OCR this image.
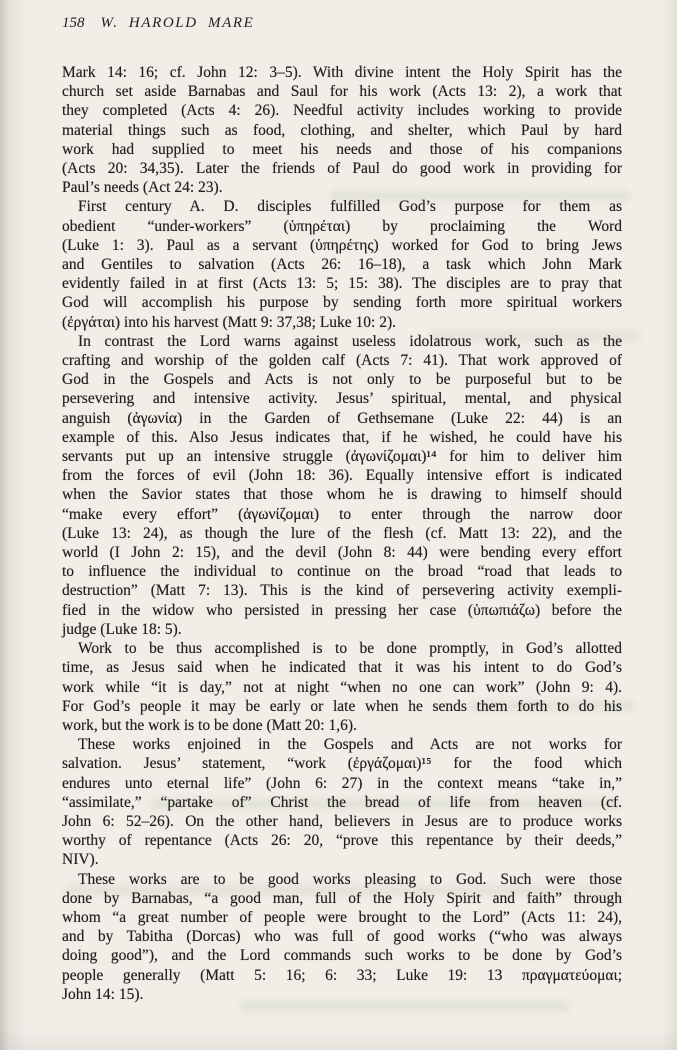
158 W. HAROLD MARE
Mark 14: 16; cf. John 12: 3–5). With divine intent the Holy Spirit has the
church set aside Barnabas and Saul for his work (Acts 13: 2), a work that
they completed (Acts 4: 26). Needful activity includes working to provide
material things such as food, clothing, and shelter, which Paul by hard
work had supplied to meet his needs and those of his companions
(Acts 20: 34,35). Later the friends of Paul do good work in providing for
Paul’s needs (Act 24: 23).
First century A. D. disciples fulfilled God’s purpose for them as
obedient “under-workers” (ὑπηρέται) by proclaiming the Word
(Luke 1: 3). Paul as a servant (ὑπηρέτης) worked for God to bring Jews
and Gentiles to salvation (Acts 26: 16–18), a task which John Mark
evidently failed in at first (Acts 13: 5; 15: 38). The disciples are to pray that
God will accomplish his purpose by sending forth more spiritual workers
(ἐργάται) into his harvest (Matt 9: 37,38; Luke 10: 2).
In contrast the Lord warns against useless idolatrous work, such as the
crafting and worship of the golden calf (Acts 7: 41). That work approved of
God in the Gospels and Acts is not only to be purposeful but to be
persevering and intensive activity. Jesus’ spiritual, mental, and physical
anguish (ἀγωνία) in the Garden of Gethsemane (Luke 22: 44) is an
example of this. Also Jesus indicates that, if he wished, he could have his
servants put up an intensive struggle (ἀγωνίζομαι)¹⁴ for him to deliver him
from the forces of evil (John 18: 36). Equally intensive effort is indicated
when the Savior states that those whom he is drawing to himself should
“make every effort” (ἀγωνίζομαι) to enter through the narrow door
(Luke 13: 24), as though the lure of the flesh (cf. Matt 13: 22), and the
world (I John 2: 15), and the devil (John 8: 44) were bending every effort
to influence the individual to continue on the broad “road that leads to
destruction” (Matt 7: 13). This is the kind of persevering activity exempli-
fied in the widow who persisted in pressing her case (ὑπωπιάζω) before the
judge (Luke 18: 5).
Work to be thus accomplished is to be done promptly, in God’s allotted
time, as Jesus said when he indicated that it was his intent to do God’s
work while “it is day,” not at night “when no one can work” (John 9: 4).
For God’s people it may be early or late when he sends them forth to do his
work, but the work is to be done (Matt 20: 1,6).
These works enjoined in the Gospels and Acts are not works for
salvation. Jesus’ statement, “work (ἐργάζομαι)¹⁵ for the food which
endures unto eternal life” (John 6: 27) in the context means “take in,”
“assimilate,” “partake of” Christ the bread of life from heaven (cf.
John 6: 52–26). On the other hand, believers in Jesus are to produce works
worthy of repentance (Acts 26: 20, “prove this repentance by their deeds,”
NIV).
These works are to be good works pleasing to God. Such were those
done by Barnabas, “a good man, full of the Holy Spirit and faith” through
whom “a great number of people were brought to the Lord” (Acts 11: 24),
and by Tabitha (Dorcas) who was full of good works (“who was always
doing good”), and the Lord commands such works to be done by God’s
people generally (Matt 5: 16; 6: 33; Luke 19: 13 πραγματεύομαι;
John 14: 15).
